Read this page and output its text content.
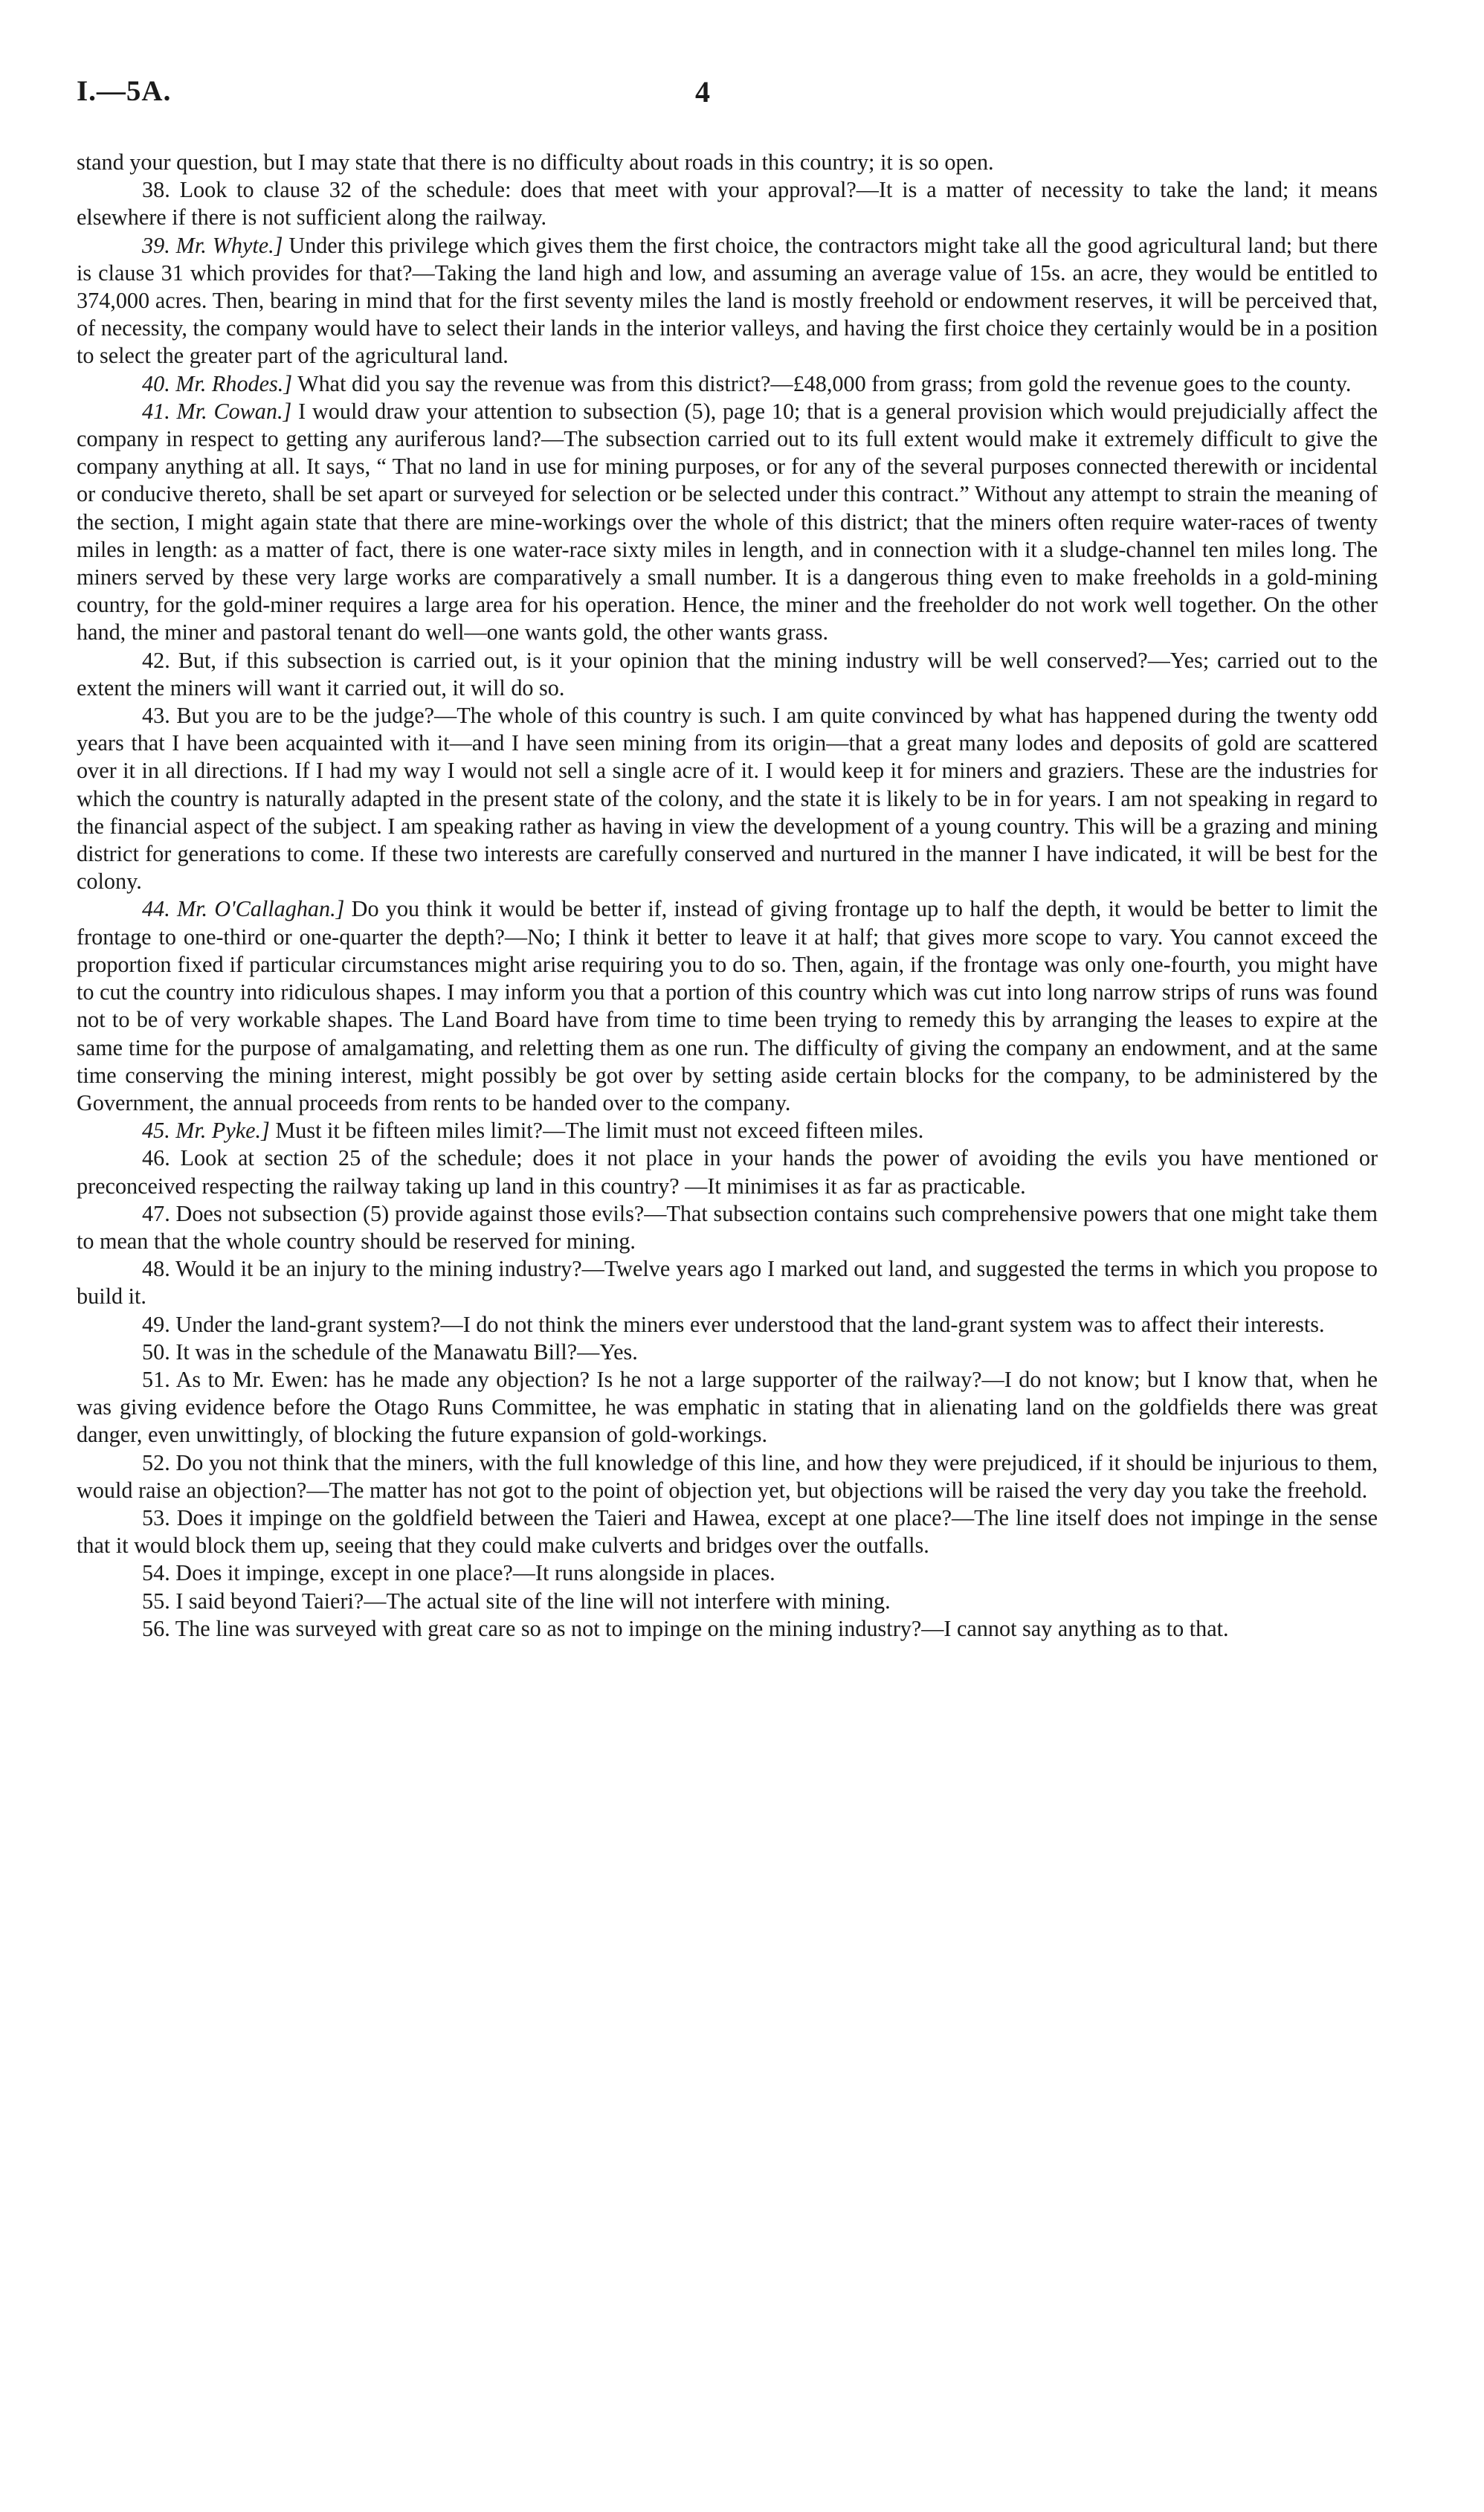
I.—5A.	4

stand your question, but I may state that there is no difficulty about roads in this country; it is so open.

38. Look to clause 32 of the schedule: does that meet with your approval?—It is a matter of necessity to take the land; it means elsewhere if there is not sufficient along the railway.

39. Mr. Whyte.] Under this privilege which gives them the first choice, the contractors might take all the good agricultural land; but there is clause 31 which provides for that?—Taking the land high and low, and assuming an average value of 15s. an acre, they would be entitled to 374,000 acres. Then, bearing in mind that for the first seventy miles the land is mostly freehold or endowment reserves, it will be perceived that, of necessity, the company would have to select their lands in the interior valleys, and having the first choice they certainly would be in a position to select the greater part of the agricultural land.

40. Mr. Rhodes.] What did you say the revenue was from this district?—£48,000 from grass; from gold the revenue goes to the county.

41. Mr. Cowan.] I would draw your attention to subsection (5), page 10; that is a general provision which would prejudicially affect the company in respect to getting any auriferous land?—The subsection carried out to its full extent would make it extremely difficult to give the company anything at all. It says, “ That no land in use for mining purposes, or for any of the several purposes connected therewith or incidental or conducive thereto, shall be set apart or surveyed for selection or be selected under this contract.” Without any attempt to strain the meaning of the section, I might again state that there are mine-workings over the whole of this district; that the miners often require water-races of twenty miles in length: as a matter of fact, there is one water-race sixty miles in length, and in connection with it a sludge-channel ten miles long. The miners served by these very large works are comparatively a small number. It is a dangerous thing even to make freeholds in a gold-mining country, for the gold-miner requires a large area for his operation. Hence, the miner and the freeholder do not work well together. On the other hand, the miner and pastoral tenant do well—one wants gold, the other wants grass.

42. But, if this subsection is carried out, is it your opinion that the mining industry will be well conserved?—Yes; carried out to the extent the miners will want it carried out, it will do so.

43. But you are to be the judge?—The whole of this country is such. I am quite convinced by what has happened during the twenty odd years that I have been acquainted with it—and I have seen mining from its origin—that a great many lodes and deposits of gold are scattered over it in all directions. If I had my way I would not sell a single acre of it. I would keep it for miners and graziers. These are the industries for which the country is naturally adapted in the present state of the colony, and the state it is likely to be in for years. I am not speaking in regard to the financial aspect of the subject. I am speaking rather as having in view the development of a young country. This will be a grazing and mining district for generations to come. If these two interests are carefully conserved and nurtured in the manner I have indicated, it will be best for the colony.

44. Mr. O'Callaghan.] Do you think it would be better if, instead of giving frontage up to half the depth, it would be better to limit the frontage to one-third or one-quarter the depth?—No; I think it better to leave it at half; that gives more scope to vary. You cannot exceed the proportion fixed if particular circumstances might arise requiring you to do so. Then, again, if the frontage was only one-fourth, you might have to cut the country into ridiculous shapes. I may inform you that a portion of this country which was cut into long narrow strips of runs was found not to be of very workable shapes. The Land Board have from time to time been trying to remedy this by arranging the leases to expire at the same time for the purpose of amalgamating, and reletting them as one run. The difficulty of giving the company an endowment, and at the same time conserving the mining interest, might possibly be got over by setting aside certain blocks for the company, to be administered by the Government, the annual proceeds from rents to be handed over to the company.

45. Mr. Pyke.] Must it be fifteen miles limit?—The limit must not exceed fifteen miles.

46. Look at section 25 of the schedule; does it not place in your hands the power of avoiding the evils you have mentioned or preconceived respecting the railway taking up land in this country? —It minimises it as far as practicable.

47. Does not subsection (5) provide against those evils?—That subsection contains such comprehensive powers that one might take them to mean that the whole country should be reserved for mining.

48. Would it be an injury to the mining industry?—Twelve years ago I marked out land, and suggested the terms in which you propose to build it.

49. Under the land-grant system?—I do not think the miners ever understood that the land-grant system was to affect their interests.

50. It was in the schedule of the Manawatu Bill?—Yes.

51. As to Mr. Ewen: has he made any objection? Is he not a large supporter of the railway?—I do not know; but I know that, when he was giving evidence before the Otago Runs Committee, he was emphatic in stating that in alienating land on the goldfields there was great danger, even unwittingly, of blocking the future expansion of gold-workings.

52. Do you not think that the miners, with the full knowledge of this line, and how they were prejudiced, if it should be injurious to them, would raise an objection?—The matter has not got to the point of objection yet, but objections will be raised the very day you take the freehold.

53. Does it impinge on the goldfield between the Taieri and Hawea, except at one place?—The line itself does not impinge in the sense that it would block them up, seeing that they could make culverts and bridges over the outfalls.

54. Does it impinge, except in one place?—It runs alongside in places.

55. I said beyond Taieri?—The actual site of the line will not interfere with mining.

56. The line was surveyed with great care so as not to impinge on the mining industry?—I cannot say anything as to that.
